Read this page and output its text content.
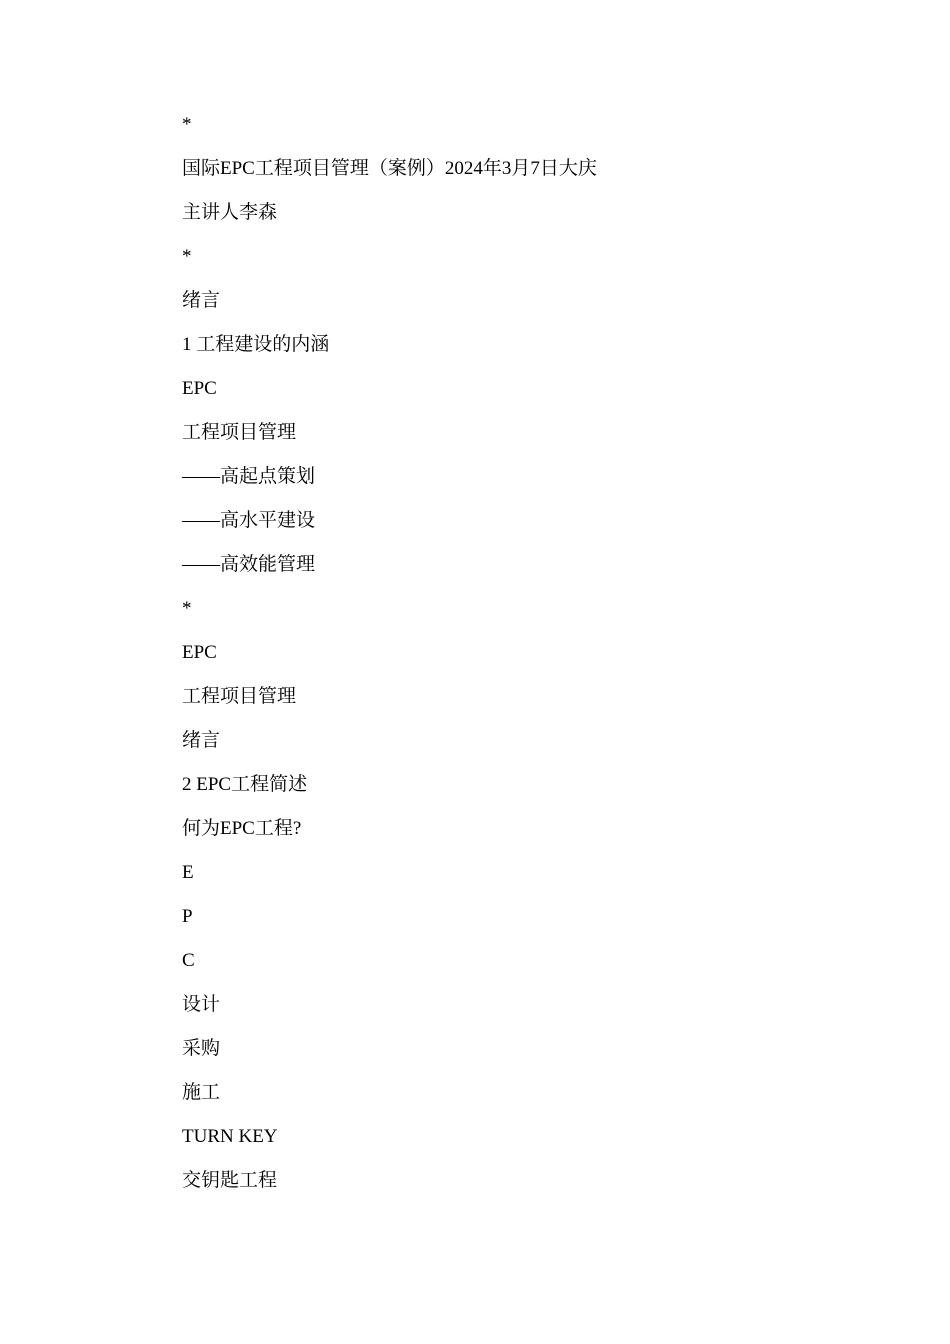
*
国际EPC工程项目管理（案例）2024年3月7日大庆
主讲人李森
*
绪言
1 工程建设的内涵
EPC
工程项目管理
——高起点策划
——高水平建设
——高效能管理
*
EPC
工程项目管理
绪言
2 EPC工程简述
何为EPC工程?
E
P
C
设计
采购
施工
TURN KEY
交钥匙工程
